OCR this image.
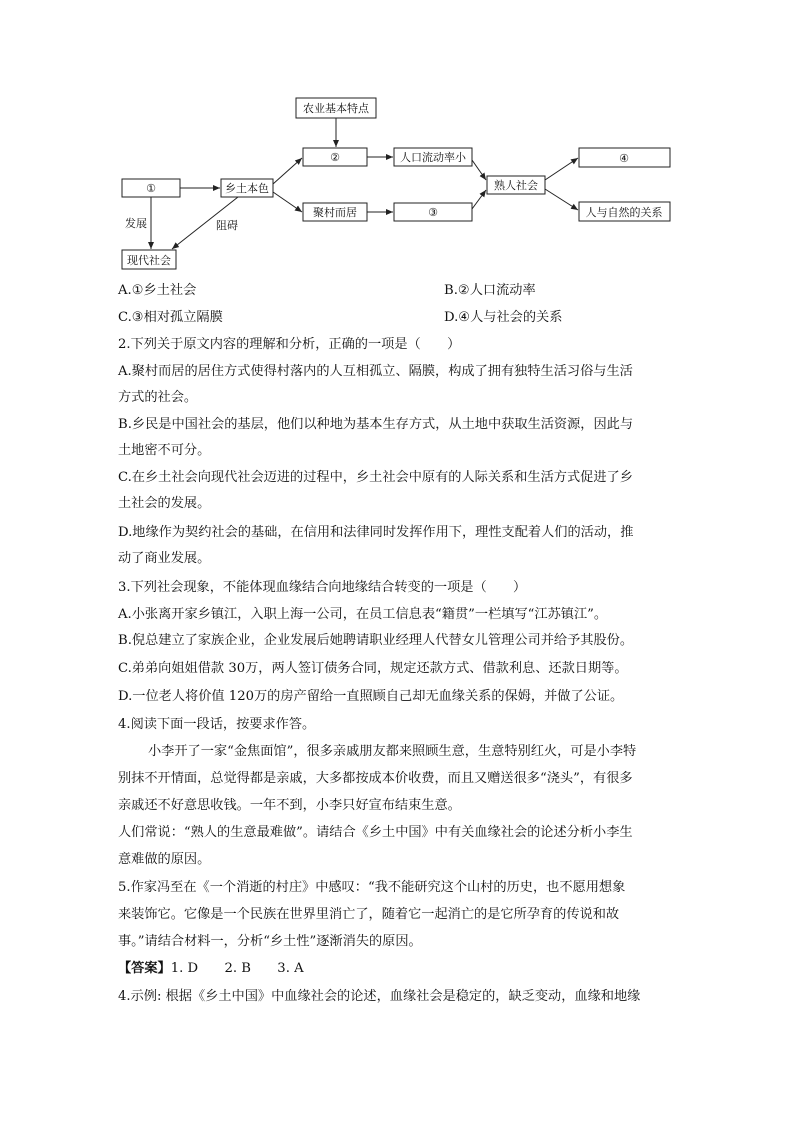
农业基本特点
①	乡土本色
②
聚村而居
人口流动率小
③
熟人社会
④
人与自然的关系
现代社会
发展	阻碍
A.①乡土社会	B.②人口流动率
C.③相对孤立隔膜	D.④人与社会的关系
2.下列关于原文内容的理解和分析，正确的一项是（　　）
A.聚村而居的居住方式使得村落内的人互相孤立、隔膜，构成了拥有独特生活习俗与生活
方式的社会。
B.乡民是中国社会的基层，他们以种地为基本生存方式，从土地中获取生活资源，因此与
土地密不可分。
C.在乡土社会向现代社会迈进的过程中，乡土社会中原有的人际关系和生活方式促进了乡
土社会的发展。
D.地缘作为契约社会的基础，在信用和法律同时发挥作用下，理性支配着人们的活动，推
动了商业发展。
3.下列社会现象，不能体现血缘结合向地缘结合转变的一项是（　　）
A.小张离开家乡镇江，入职上海一公司，在员工信息表“籍贯”一栏填写“江苏镇江”。
B.倪总建立了家族企业，企业发展后她聘请职业经理人代替女儿管理公司并给予其股份。
C.弟弟向姐姐借款 30万，两人签订债务合同，规定还款方式、借款利息、还款日期等。
D.一位老人将价值 120万的房产留给一直照顾自己却无血缘关系的保姆，并做了公证。
4.阅读下面一段话，按要求作答。
小李开了一家“金焦面馆”，很多亲戚朋友都来照顾生意，生意特别红火，可是小李特
别抹不开情面，总觉得都是亲戚，大多都按成本价收费，而且又赠送很多“浇头”，有很多
亲戚还不好意思收钱。一年不到，小李只好宣布结束生意。
人们常说：“熟人的生意最难做”。请结合《乡土中国》中有关血缘社会的论述分析小李生
意难做的原因。
5.作家冯至在《一个消逝的村庄》中感叹：“我不能研究这个山村的历史，也不愿用想象
来装饰它。它像是一个民族在世界里消亡了，随着它一起消亡的是它所孕育的传说和故
事。”请结合材料一，分析“乡土性”逐渐消失的原因。
【答案】1. D　　2. B　　3. A
4.示例: 根据《乡土中国》中血缘社会的论述，血缘社会是稳定的，缺乏变动，血缘和地缘
